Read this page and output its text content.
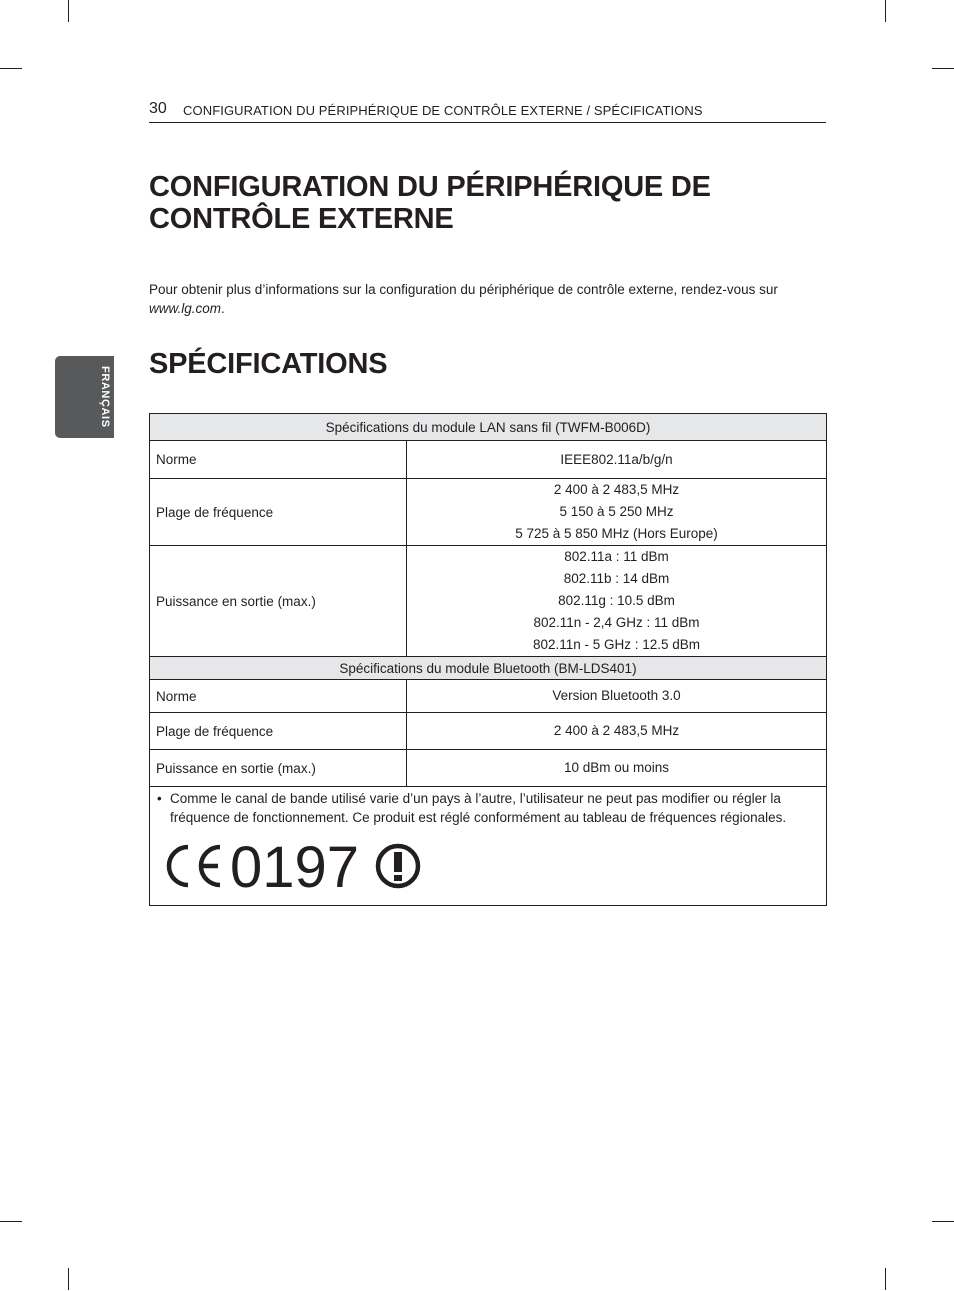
30 CONFIGURATION DU PÉRIPHÉRIQUE DE CONTRÔLE EXTERNE / SPÉCIFICATIONS
FRANÇAIS
CONFIGURATION DU PÉRIPHÉRIQUE DE CONTRÔLE EXTERNE
Pour obtenir plus d’informations sur la configuration du périphérique de contrôle externe, rendez-vous sur www.lg.com.
SPÉCIFICATIONS
Spécifications du module LAN sans fil (TWFM-B006D)	
Norme	IEEE802.11a/b/g/n

Plage de fréquence	2 400 à 2 483,5 MHz
5 150 à 5 250 MHz
5 725 à 5 850 MHz (Hors Europe)

Puissance en sortie (max.)	802.11a : 11 dBm
802.11b : 14 dBm
802.11g : 10.5 dBm
802.11n - 2,4 GHz : 11 dBm
802.11n - 5 GHz : 12.5 dBm

Spécifications du module Bluetooth (BM-LDS401)	
Norme	Version Bluetooth 3.0

Plage de fréquence	2 400 à 2 483,5 MHz

Puissance en sortie (max.)	10 dBm ou moins

• Comme le canal de bande utilisé varie d’un pays à l’autre, l’utilisateur ne peut pas modifier ou régler la fréquence de fonctionnement. Ce produit est réglé conformément au tableau de fréquences régionales.
0197	
